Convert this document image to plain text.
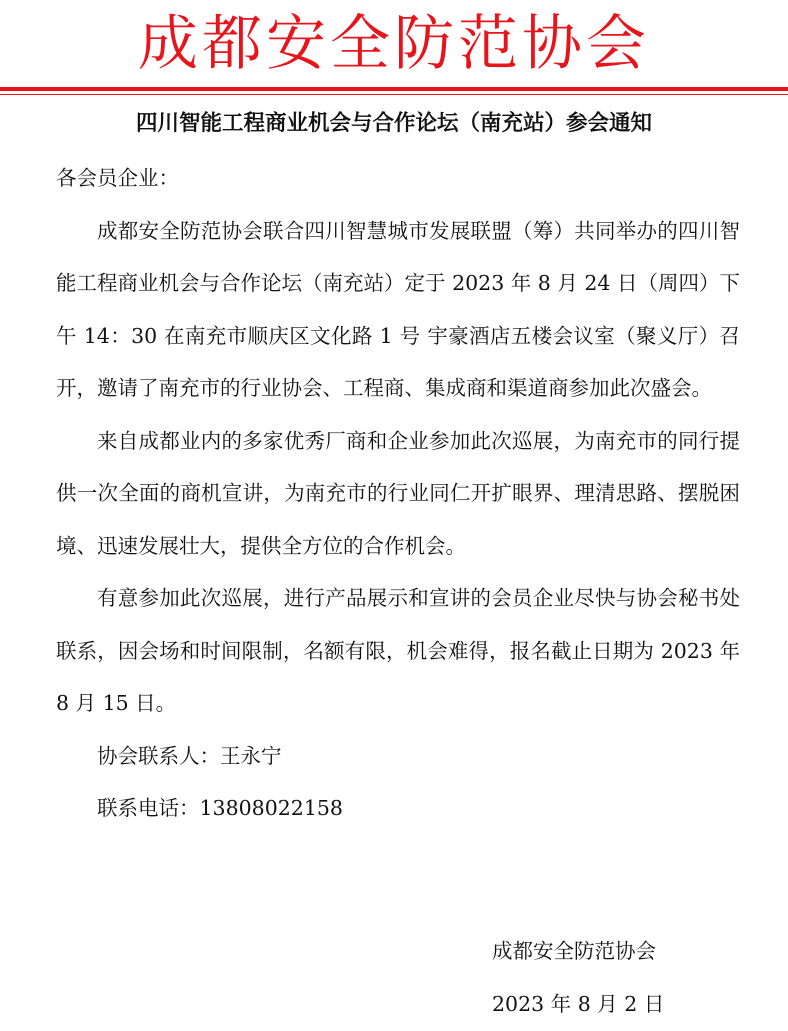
成都安全防范协会
四川智能工程商业机会与合作论坛（南充站）参会通知

各会员企业：

成都安全防范协会联合四川智慧城市发展联盟（筹）共同举办的四川智能工程商业机会与合作论坛（南充站）定于 2023 年 8 月 24 日（周四）下午 14：30 在南充市顺庆区文化路 1 号 宇豪酒店五楼会议室（聚义厅）召开，邀请了南充市的行业协会、工程商、集成商和渠道商参加此次盛会。

来自成都业内的多家优秀厂商和企业参加此次巡展，为南充市的同行提供一次全面的商机宣讲，为南充市的行业同仁开扩眼界、理清思路、摆脱困境、迅速发展壮大，提供全方位的合作机会。

有意参加此次巡展，进行产品展示和宣讲的会员企业尽快与协会秘书处联系，因会场和时间限制，名额有限，机会难得，报名截止日期为 2023 年 8 月 15 日。

协会联系人：王永宁

联系电话：13808022158

成都安全防范协会
2023 年 8 月 2 日
